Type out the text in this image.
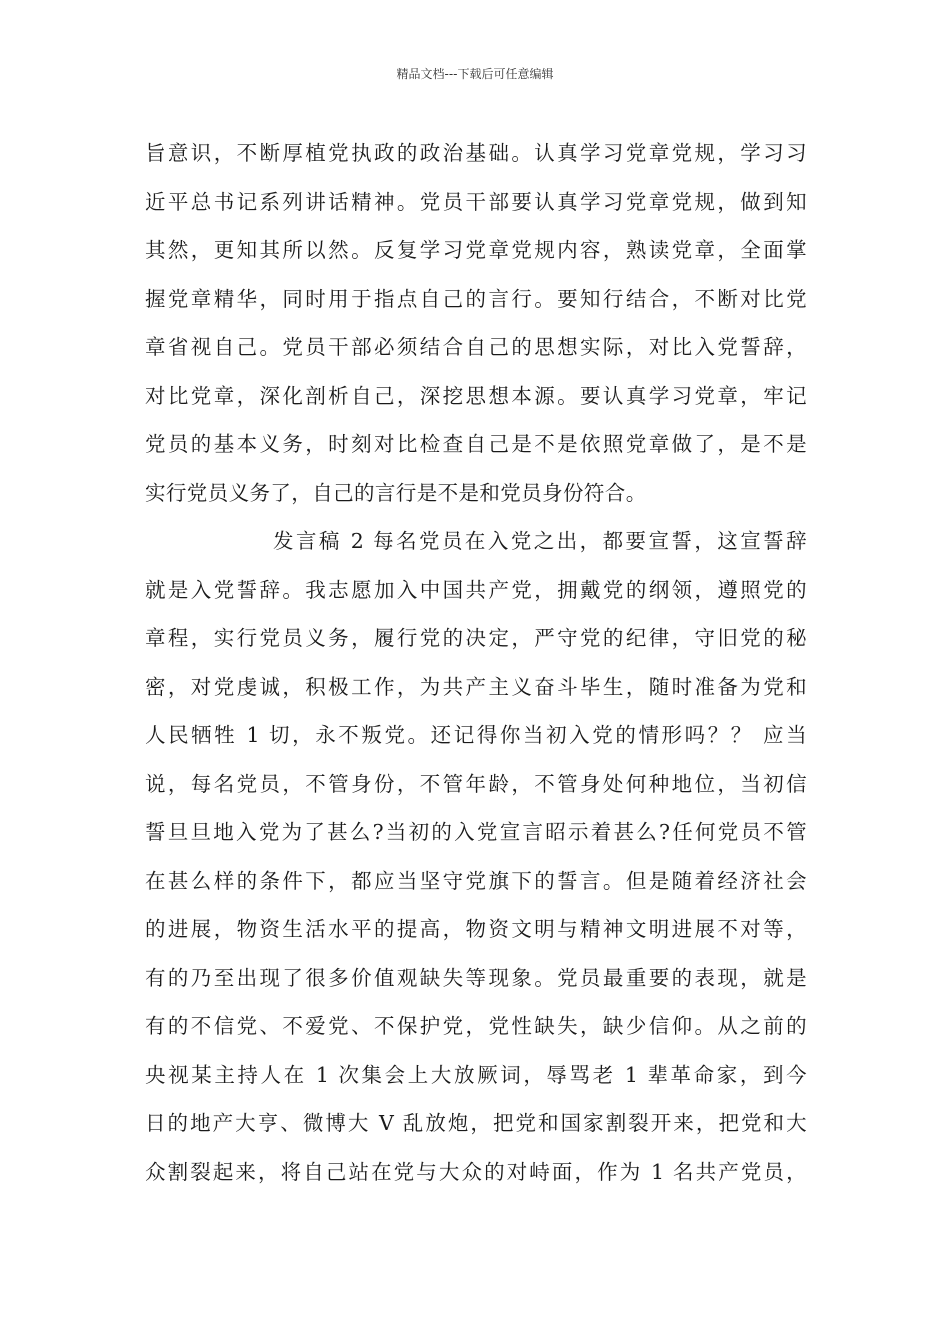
精品文档---下载后可任意编辑
旨意识，不断厚植党执政的政治基础。认真学习党章党规，学习习
近平总书记系列讲话精神。党员干部要认真学习党章党规，做到知
其然，更知其所以然。反复学习党章党规内容，熟读党章，全面掌
握党章精华，同时用于指点自己的言行。要知行结合，不断对比党
章省视自己。党员干部必须结合自己的思想实际，对比入党誓辞，
对比党章，深化剖析自己，深挖思想本源。要认真学习党章，牢记
党员的基本义务，时刻对比检查自己是不是依照党章做了，是不是
实行党员义务了，自己的言行是不是和党员身份符合。
发言稿 2 每名党员在入党之出，都要宣誓，这宣誓辞
就是入党誓辞。我志愿加入中国共产党，拥戴党的纲领，遵照党的
章程，实行党员义务，履行党的决定，严守党的纪律，守旧党的秘
密，对党虔诚，积极工作，为共产主义奋斗毕生，随时准备为党和
人民牺牲 1 切，永不叛党。还记得你当初入党的情形吗？？ 应当
说，每名党员，不管身份，不管年龄，不管身处何种地位，当初信
誓旦旦地入党为了甚么?当初的入党宣言昭示着甚么?任何党员不管
在甚么样的条件下，都应当坚守党旗下的誓言。但是随着经济社会
的进展，物资生活水平的提高，物资文明与精神文明进展不对等，
有的乃至出现了很多价值观缺失等现象。党员最重要的表现，就是
有的不信党、不爱党、不保护党，党性缺失，缺少信仰。从之前的
央视某主持人在 1 次集会上大放厥词，辱骂老 1 辈革命家，到今
日的地产大亨、微博大 V 乱放炮，把党和国家割裂开来，把党和大
众割裂起来，将自己站在党与大众的对峙面，作为 1 名共产党员，
